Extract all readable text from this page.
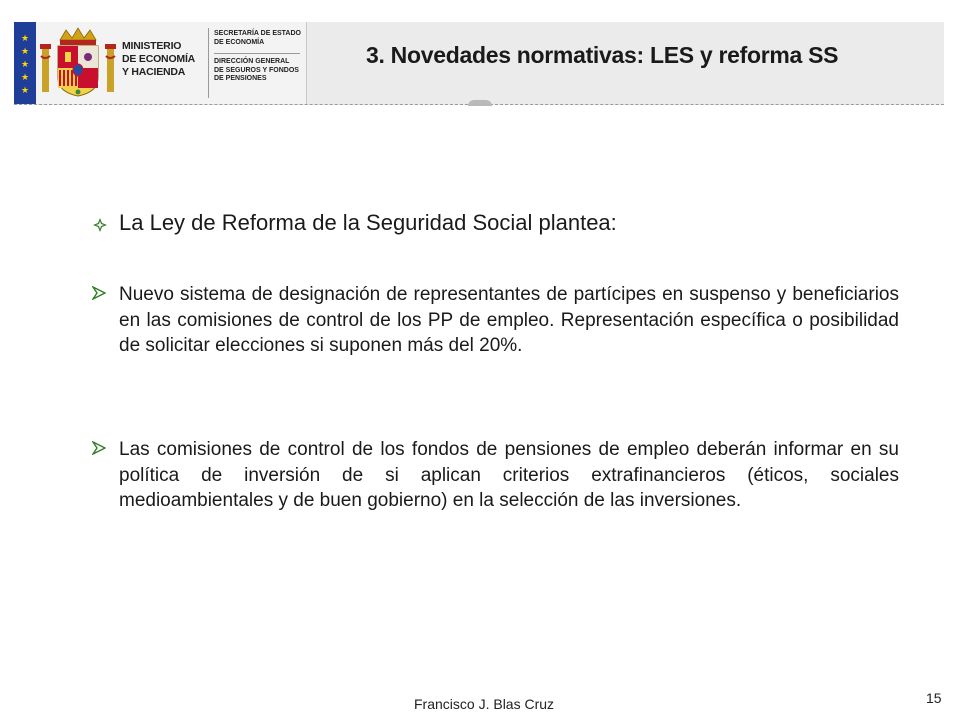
★
★
★
★
★
MINISTERIO
DE ECONOMÍA
Y HACIENDA
SECRETARÍA DE ESTADO
DE ECONOMÍA
DIRECCIÓN GENERAL
DE SEGUROS Y FONDOS
DE PENSIONES
3. Novedades normativas: LES y reforma SS
La Ley de Reforma de la Seguridad Social plantea:
Nuevo sistema de designación de representantes de partícipes en suspenso y beneficiarios en las comisiones de control de los PP de empleo. Representación específica o posibilidad de solicitar elecciones si suponen más del 20%.
Las comisiones de control de los fondos de pensiones de empleo deberán informar en su política de inversión de si aplican criterios extrafinancieros (éticos, sociales medioambientales y de buen gobierno) en la selección de las inversiones.
Francisco J. Blas Cruz	15
